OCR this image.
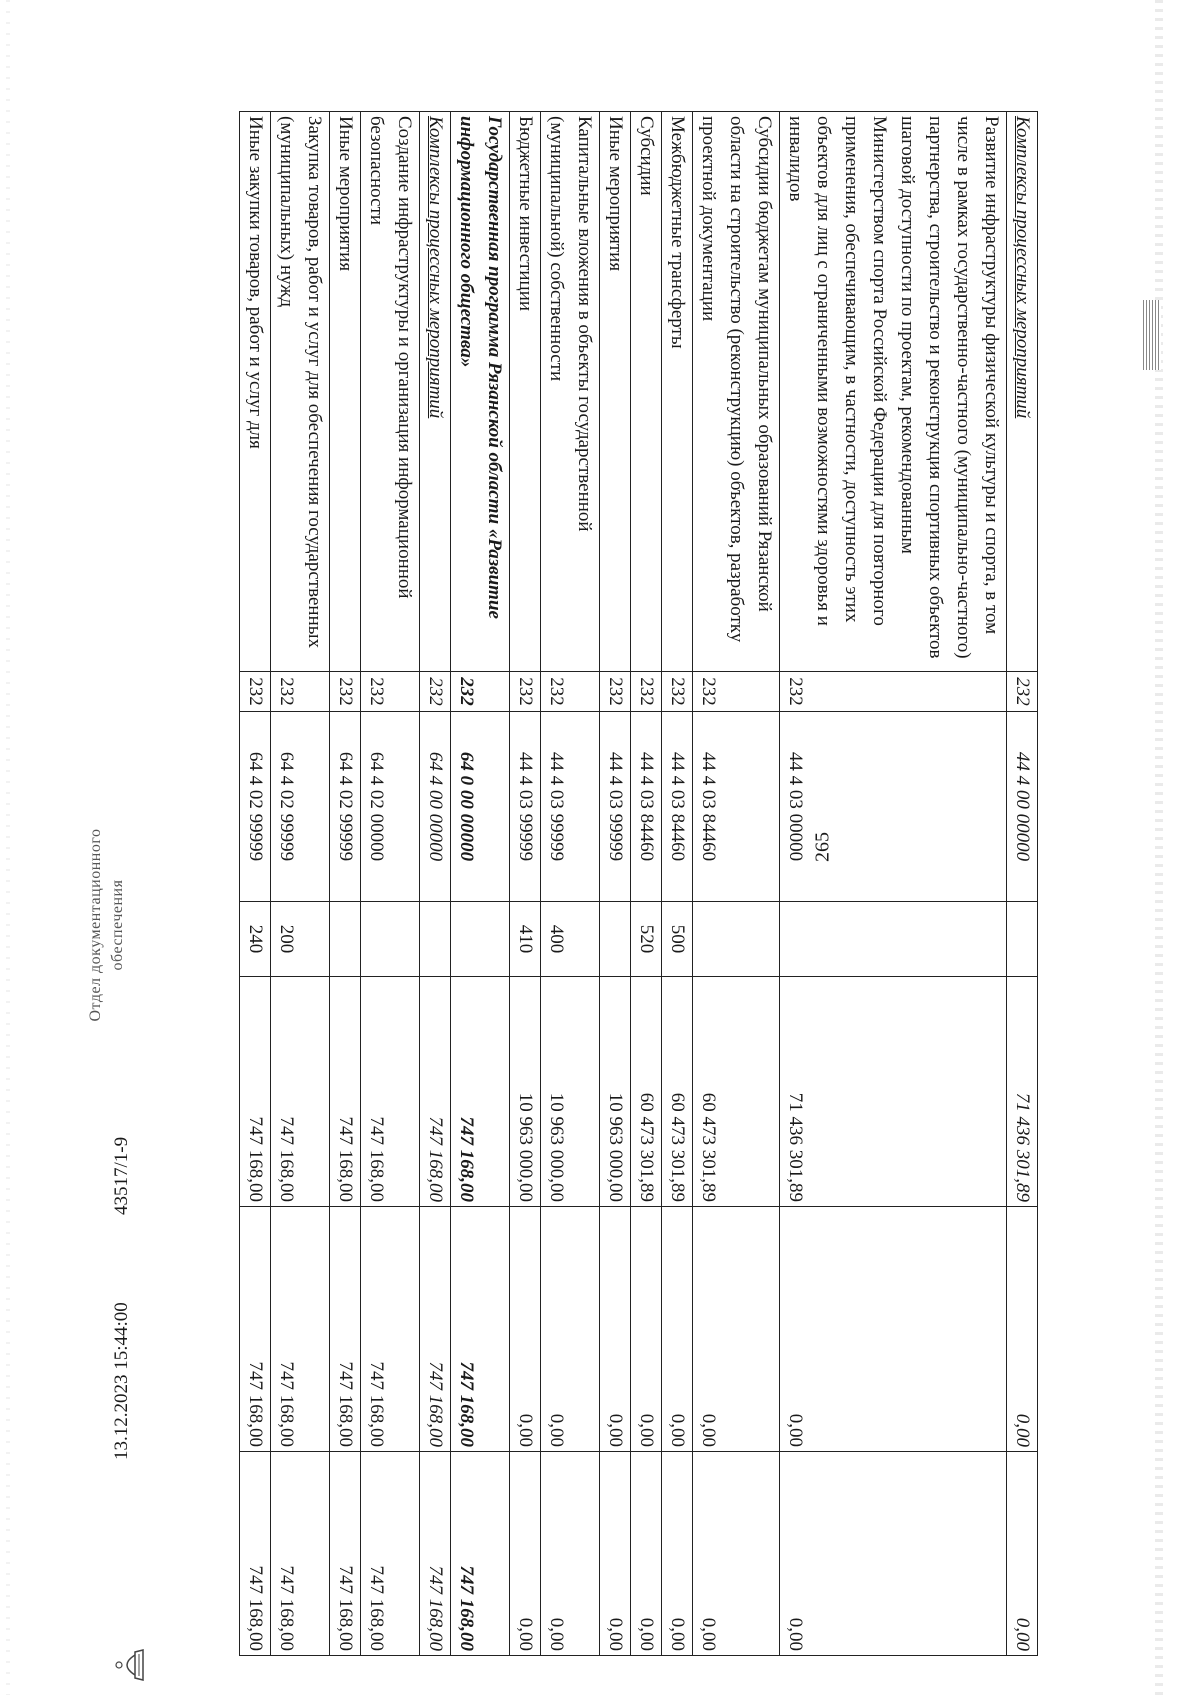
265
Комплексы процессных мероприятий	232	44 4 00 00000		71 436 301,89	0,00	0,00
Развитие инфраструктуры физической культуры и спорта, в том числе в рамках государственно-частного (муниципально-частного) партнерства, строительство и реконструкция спортивных объектов шаговой доступности по проектам, рекомендованным Министерством спорта Российской Федерации для повторного применения, обеспечивающим, в частности, доступность этих объектов для лиц с ограниченными возможностями здоровья и инвалидов	232	44 4 03 00000		71 436 301,89	0,00	0,00
Субсидии бюджетам муниципальных образований Рязанской области на строительство (реконструкцию) объектов, разработку проектной документации	232	44 4 03 84460		60 473 301,89	0,00	0,00
Межбюджетные трансферты	232	44 4 03 84460	500	60 473 301,89	0,00	0,00
Субсидии	232	44 4 03 84460	520	60 473 301,89	0,00	0,00
Иные мероприятия	232	44 4 03 99999		10 963 000,00	0,00	0,00
Капитальные вложения в объекты государственной (муниципальной) собственности	232	44 4 03 99999	400	10 963 000,00	0,00	0,00
Бюджетные инвестиции	232	44 4 03 99999	410	10 963 000,00	0,00	0,00
Государственная программа Рязанской области «Развитие информационного общества»	232	64 0 00 00000		747 168,00	747 168,00	747 168,00
Комплексы процессных мероприятий	232	64 4 00 00000		747 168,00	747 168,00	747 168,00
Создание инфраструктуры и организация информационной безопасности	232	64 4 02 00000		747 168,00	747 168,00	747 168,00
Иные мероприятия	232	64 4 02 99999		747 168,00	747 168,00	747 168,00
Закупка товаров, работ и услуг для обеспечения государственных (муниципальных) нужд	232	64 4 02 99999	200	747 168,00	747 168,00	747 168,00
Иные закупки товаров, работ и услуг для	232	64 4 02 99999	240	747 168,00	747 168,00	747 168,00
13.12.2023 15:44:00
43517/1-9
Отдел документационного обеспечения
